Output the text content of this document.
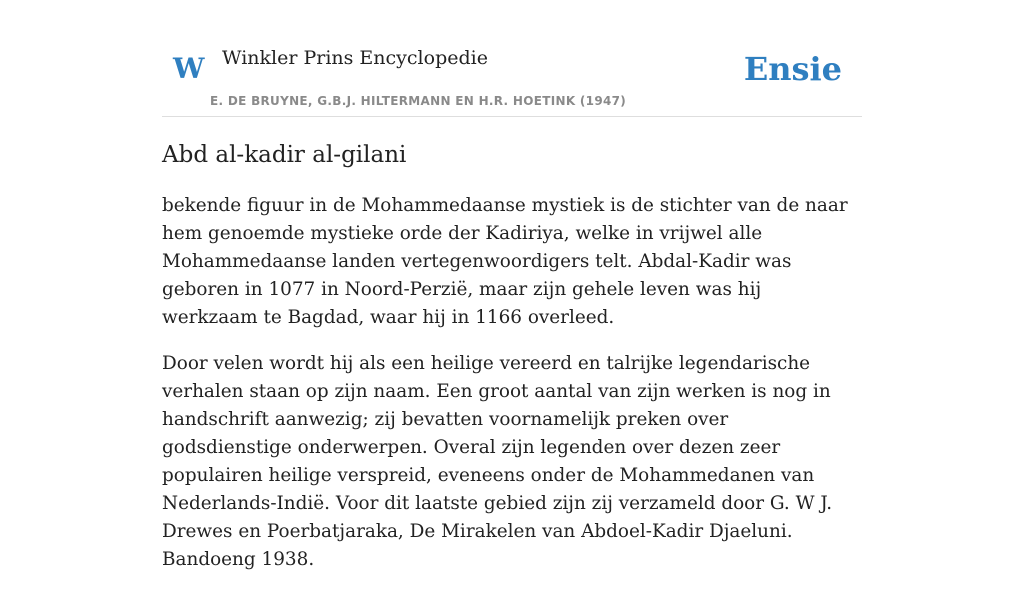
W Winkler Prins Encyclopedie
E. DE BRUYNE, G.B.J. HILTERMANN EN H.R. HOETINK (1947)
Ensie
Abd al-kadir al-gilani

bekende figuur in de Mohammedaanse mystiek is de stichter van de naar hem genoemde mystieke orde der Kadiriya, welke in vrijwel alle Mohammedaanse landen vertegenwoordigers telt. Abdal-Kadir was geboren in 1077 in Noord-Perzië, maar zijn gehele leven was hij werkzaam te Bagdad, waar hij in 1166 overleed.

Door velen wordt hij als een heilige vereerd en talrijke legendarische verhalen staan op zijn naam. Een groot aantal van zijn werken is nog in handschrift aanwezig; zij bevatten voornamelijk preken over godsdienstige onderwerpen. Overal zijn legenden over dezen zeer populairen heilige verspreid, eveneens onder de Mohammedanen van Nederlands-Indië. Voor dit laatste gebied zijn zij verzameld door G. W J. Drewes en Poerbatjaraka, De Mirakelen van Abdoel-Kadir Djaeluni. Bandoeng 1938.
